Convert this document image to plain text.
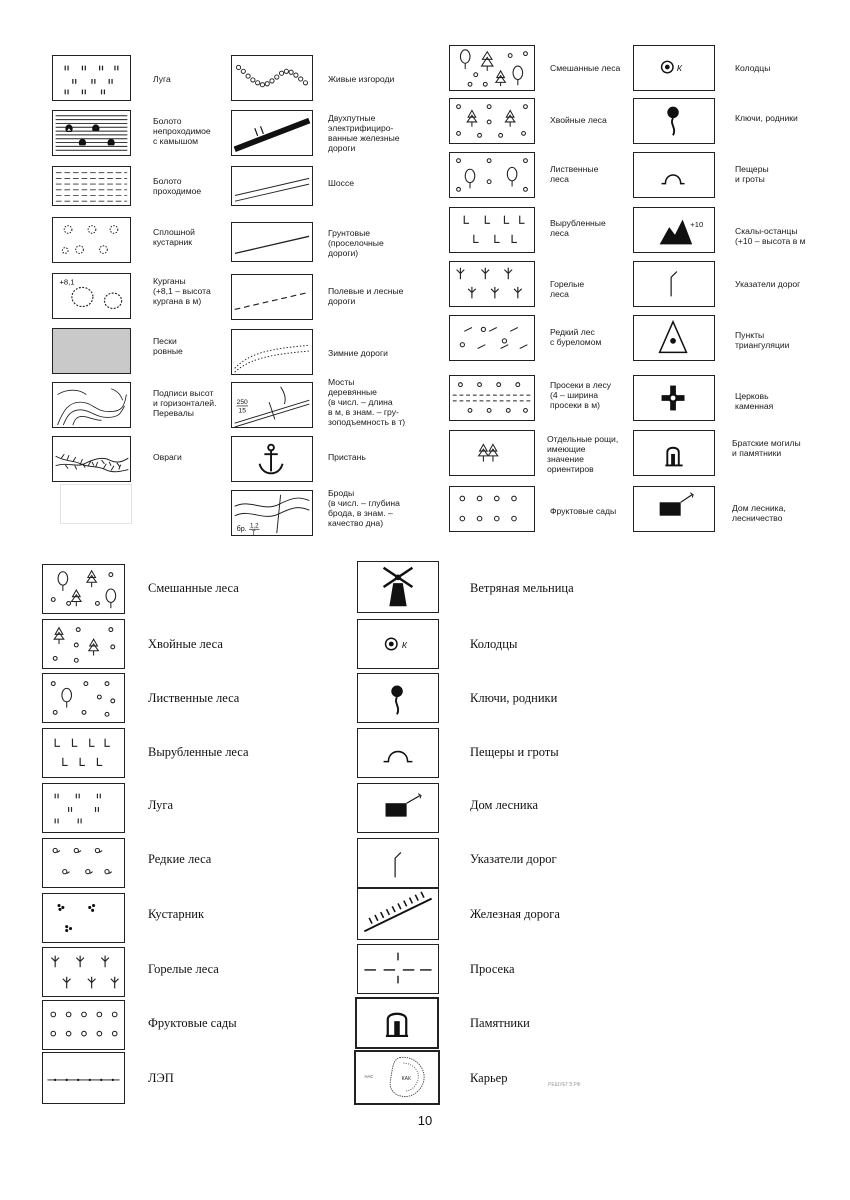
Луга
Болото
непроходимое
с камышом
Болото
проходимое
Сплошной
кустарник
+8,1	Курганы
(+8,1 – высота
кургана в м)
Пески
ровные
Подписи высот
и горизонталей.
Перевалы
Овраги
Живые изгороди
Двухпутные
электрифициро-
ванные железные
дороги
Шоссе
Грунтовые
(проселочные
дороги)
Полевые и лесные
дороги
Зимние дороги
250
15
Мосты
деревянные
(в числ. – длина
в м, в знам. – гру-
зоподъемность в т)
Пристань
бр. 1,2
Т
Броды
(в числ. – глубина
брода, в знам. –
качество дна)
Смешанные леса
Хвойные леса
Лиственные
леса
Вырубленные
леса
Горелые
леса
Редкий лес
с буреломом
Просеки в лесу
(4 – ширина
просеки в м)
Отдельные рощи,
имеющие
значение
ориентиров
Фруктовые сады
К	Колодцы
Ключи, родники
Пещеры
и гроты
+10
Скалы-останцы
(+10 – высота в м
Указатели дорог
Пункты
триангуляции
Церковь
каменная
Братские могилы
и памятники
Дом лесника,
лесничество
Смешанные леса
Хвойные леса
Лиственные леса
Вырубленные леса
Луга
Редкие леса
Кустарник
Горелые леса
Фруктовые сады
ЛЭП
Ветряная мельница
К	Колодцы
Ключи, родники
Пещеры и гроты
Дом лесника
Указатели дорог
Железная дорога
Просека
Памятники
НАС	КАК	Карьер	РЕШУЕГЭ.РФ
10
